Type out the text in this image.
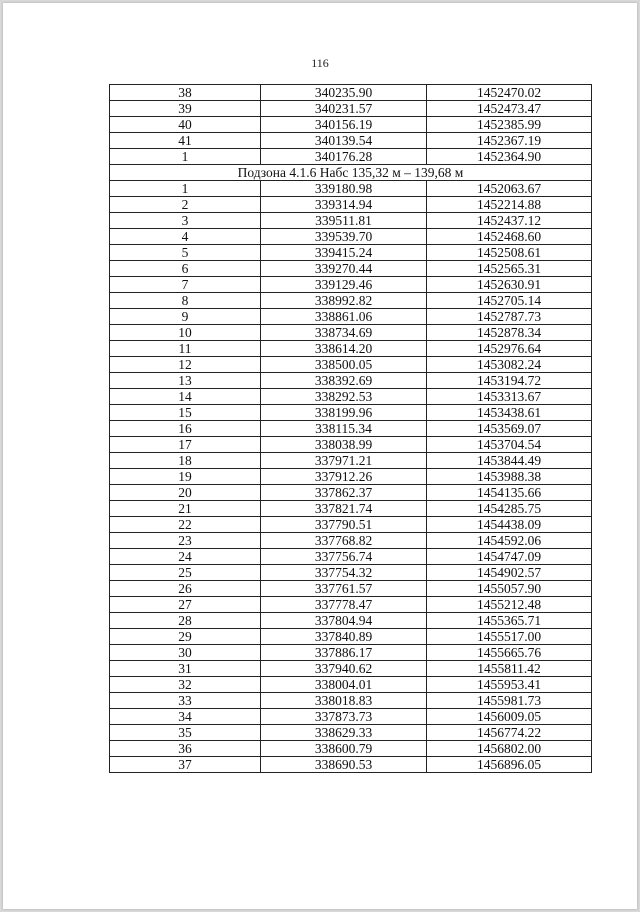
116
38	340235.90	1452470.02
39	340231.57	1452473.47
40	340156.19	1452385.99
41	340139.54	1452367.19
1	340176.28	1452364.90
Подзона 4.1.6 Набс 135,32 м – 139,68 м		
1	339180.98	1452063.67
2	339314.94	1452214.88
3	339511.81	1452437.12
4	339539.70	1452468.60
5	339415.24	1452508.61
6	339270.44	1452565.31
7	339129.46	1452630.91
8	338992.82	1452705.14
9	338861.06	1452787.73
10	338734.69	1452878.34
11	338614.20	1452976.64
12	338500.05	1453082.24
13	338392.69	1453194.72
14	338292.53	1453313.67
15	338199.96	1453438.61
16	338115.34	1453569.07
17	338038.99	1453704.54
18	337971.21	1453844.49
19	337912.26	1453988.38
20	337862.37	1454135.66
21	337821.74	1454285.75
22	337790.51	1454438.09
23	337768.82	1454592.06
24	337756.74	1454747.09
25	337754.32	1454902.57
26	337761.57	1455057.90
27	337778.47	1455212.48
28	337804.94	1455365.71
29	337840.89	1455517.00
30	337886.17	1455665.76
31	337940.62	1455811.42
32	338004.01	1455953.41
33	338018.83	1455981.73
34	337873.73	1456009.05
35	338629.33	1456774.22
36	338600.79	1456802.00
37	338690.53	1456896.05
